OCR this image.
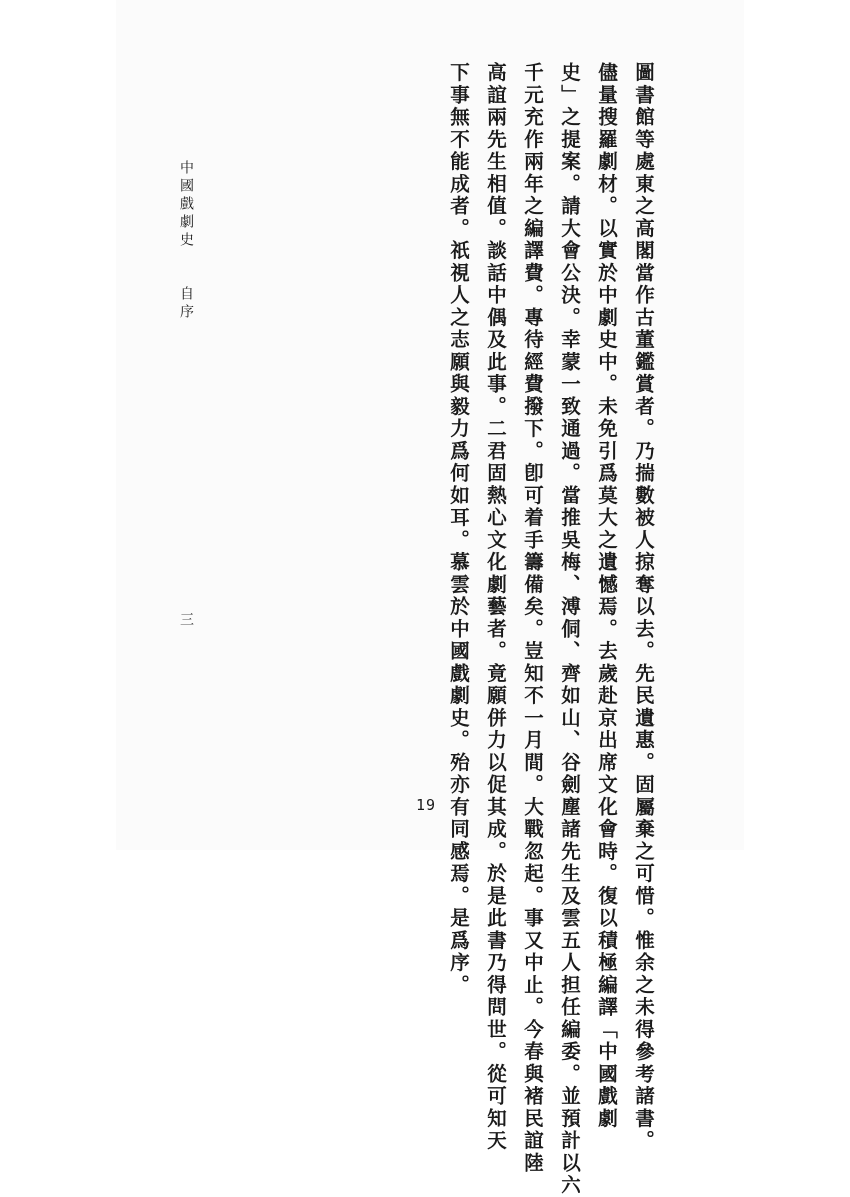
圖書館等處東之高閣當作古董鑑賞者。乃揣數被人掠奪以去。先民遺惠。固屬棄之可惜。惟余之未得參考諸書。
儘量搜羅劇材。以實於中劇史中。未免引爲莫大之遺憾焉。去歲赴京出席文化會時。復以積極編譯「中國戲劇
史」之提案。請大會公決。幸蒙一致通過。當推吳梅、溥侗、齊如山、谷劍塵諸先生及雲五人担任編委。並預計以六
千元充作兩年之編譯費。專待經費撥下。卽可着手籌備矣。豈知不一月間。大戰忽起。事又中止。今春與褚民誼陸
高誼兩先生相值。談話中偶及此事。二君固熱心文化劇藝者。竟願併力以促其成。於是此書乃得問世。從可知天
下事無不能成者。祇視人之志願與毅力爲何如耳。慕雲於中國戲劇史。殆亦有同感焉。是爲序。
中國戲劇史　　自序
三
19
